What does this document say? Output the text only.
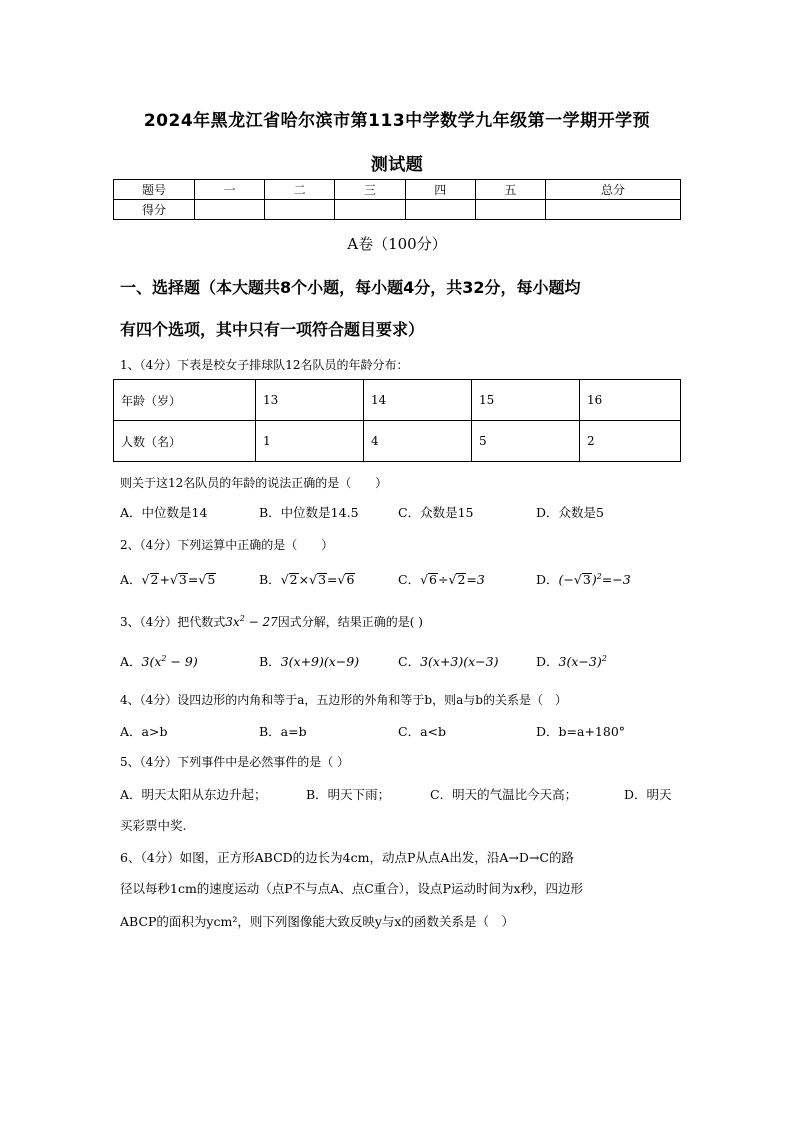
2024年黑龙江省哈尔滨市第113中学数学九年级第一学期开学预
测试题
题号	一	二	三	四	五	总分
得分						
A卷（100分）
一、选择题（本大题共8个小题，每小题4分，共32分，每小题均
有四个选项，其中只有一项符合题目要求）
1、（4分）下表是校女子排球队12名队员的年龄分布：
年龄（岁）	13	14	15	16
人数（名）	1	4	5	2
则关于这12名队员的年龄的说法正确的是（　　）
A．中位数是14	B．中位数是14.5	C．众数是15	D．众数是5
2、（4分）下列运算中正确的是（　　）
A．√2+√3=√5	B．√2×√3=√6	C．√6÷√2=3	D．$(-√3)^2=-3$
3、（4分）把代数式$3x^2 - 27$因式分解，结果正确的是( )
A．$3(x^2 - 9)$	B．3(x+9)(x−9)	C．3(x+3)(x−3)	D．$3(x-3)^2$
4、（4分）设四边形的内角和等于a，五边形的外角和等于b，则a与b的关系是（　）
A．a>b	B．a=b	C．a<b	D．b=a+180°
5、（4分）下列事件中是必然事件的是（ ）
A．明天太阳从东边升起；	B．明天下雨；	C．明天的气温比今天高；	D．明天
买彩票中奖.
6、（4分）如图，正方形ABCD的边长为4cm，动点P从点A出发，沿A→D→C的路
径以每秒1cm的速度运动（点P不与点A、点C重合），设点P运动时间为x秒，四边形
ABCP的面积为ycm²，则下列图像能大致反映y与x的函数关系是（　）
